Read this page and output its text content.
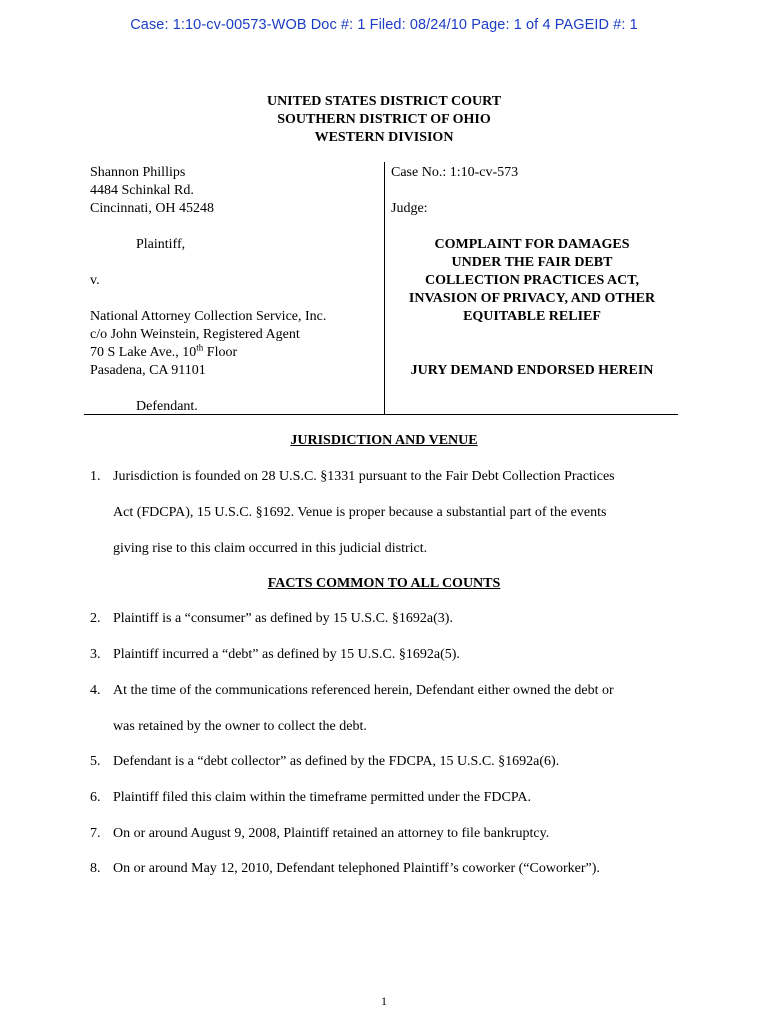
Case: 1:10-cv-00573-WOB Doc #: 1 Filed: 08/24/10 Page: 1 of 4 PAGEID #: 1
UNITED STATES DISTRICT COURT
SOUTHERN DISTRICT OF OHIO
WESTERN DIVISION
Shannon Phillips
4484 Schinkal Rd.
Cincinnati, OH 45248
Plaintiff,
v.
National Attorney Collection Service, Inc.
c/o John Weinstein, Registered Agent
70 S Lake Ave., 10th Floor
Pasadena, CA 91101
Defendant.
Case No.: 1:10-cv-573
Judge:
COMPLAINT FOR DAMAGES
UNDER THE FAIR DEBT
COLLECTION PRACTICES ACT,
INVASION OF PRIVACY, AND OTHER
EQUITABLE RELIEF
JURY DEMAND ENDORSED HEREIN
JURISDICTION AND VENUE
1. Jurisdiction is founded on 28 U.S.C. §1331 pursuant to the Fair Debt Collection Practices
Act (FDCPA), 15 U.S.C. §1692. Venue is proper because a substantial part of the events
giving rise to this claim occurred in this judicial district.
FACTS COMMON TO ALL COUNTS
2. Plaintiff is a “consumer” as defined by 15 U.S.C. §1692a(3).
3. Plaintiff incurred a “debt” as defined by 15 U.S.C. §1692a(5).
4. At the time of the communications referenced herein, Defendant either owned the debt or
was retained by the owner to collect the debt.
5. Defendant is a “debt collector” as defined by the FDCPA, 15 U.S.C. §1692a(6).
6. Plaintiff filed this claim within the timeframe permitted under the FDCPA.
7. On or around August 9, 2008, Plaintiff retained an attorney to file bankruptcy.
8. On or around May 12, 2010, Defendant telephoned Plaintiff’s coworker (“Coworker”).
1
